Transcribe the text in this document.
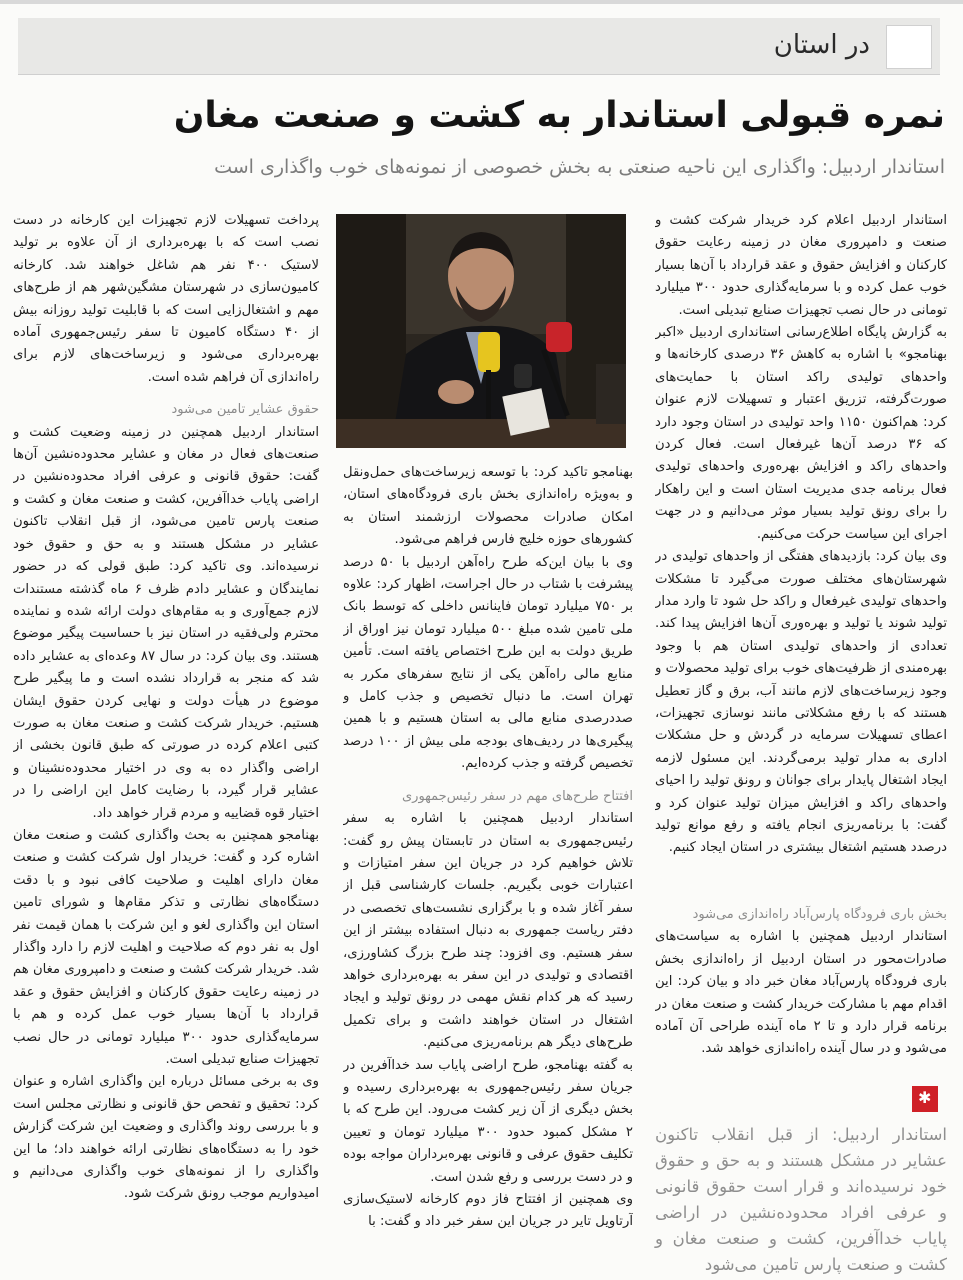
در استان
نمره قبولی استاندار به کشت و صنعت مغان
استاندار اردبیل: واگذاری این ناحیه صنعتی به بخش خصوصی از نمونه‌های خوب واگذاری است

استاندار اردبیل اعلام کرد خریدار شرکت کشت و صنعت و دامپروری مغان در زمینه رعایت حقوق کارکنان و افزایش حقوق و عقد قرارداد با آن‌ها بسیار خوب عمل کرده و با سرمایه‌گذاری حدود ۳۰۰ میلیارد تومانی در حال نصب تجهیزات صنایع تبدیلی است.

به گزارش پایگاه اطلاع‌رسانی استانداری اردبیل «اکبر بهنامجو» با اشاره به کاهش ۳۶ درصدی کارخانه‌ها و واحدهای تولیدی راکد استان با حمایت‌های صورت‌گرفته، تزریق اعتبار و تسهیلات لازم عنوان کرد: هم‌اکنون ۱۱۵۰ واحد تولیدی در استان وجود دارد که ۳۶ درصد آن‌ها غیرفعال است. فعال کردن واحدهای راکد و افزایش بهره‌وری واحدهای تولیدی فعال برنامه جدی مدیریت استان است و این راهکار را برای رونق تولید بسیار موثر می‌دانیم و در جهت اجرای این سیاست حرکت می‌کنیم.

وی بیان کرد: بازدیدهای هفتگی از واحدهای تولیدی در شهرستان‌های مختلف صورت می‌گیرد تا مشکلات واحدهای تولیدی غیرفعال و راکد حل شود تا وارد مدار تولید شوند یا تولید و بهره‌وری آن‌ها افزایش پیدا کند. تعدادی از واحدهای تولیدی استان هم با وجود بهره‌مندی از ظرفیت‌های خوب برای تولید محصولات و وجود زیرساخت‌های لازم مانند آب، برق و گاز تعطیل هستند که با رفع مشکلاتی مانند نوسازی تجهیزات، اعطای تسهیلات سرمایه در گردش و حل مشکلات اداری به مدار تولید برمی‌گردند. این مسئول لازمه ایجاد اشتغال پایدار برای جوانان و رونق تولید را احیای واحدهای راکد و افزایش میزان تولید عنوان کرد و گفت: با برنامه‌ریزی انجام یافته و رفع موانع تولید درصدد هستیم اشتغال بیشتری در استان ایجاد کنیم.

بخش باری فرودگاه پارس‌آباد راه‌اندازی می‌شود

استاندار اردبیل همچنین با اشاره به سیاست‌های صادرات‌محور در استان اردبیل از راه‌اندازی بخش باری فرودگاه پارس‌آباد مغان خبر داد و بیان کرد: این اقدام مهم با مشارکت خریدار کشت و صنعت مغان در برنامه قرار دارد و تا ۲ ماه آینده طراحی آن آماده می‌شود و در سال آینده راه‌اندازی خواهد شد.

✱
استاندار اردبیل: از قبل انقلاب تاکنون عشایر در مشکل هستند و به حق و حقوق خود نرسیده‌اند و قرار است حقوق قانونی و عرفی افراد محدوده‌نشین در اراضی پایاب خداآفرین، کشت و صنعت مغان و کشت و صنعت پارس تامین می‌شود

بهنامجو تاکید کرد: با توسعه زیرساخت‌های حمل‌ونقل و به‌ویژه راه‌اندازی بخش باری فرودگاه‌های استان، امکان صادرات محصولات ارزشمند استان به کشورهای حوزه خلیج فارس فراهم می‌شود.

وی با بیان این‌که طرح راه‌آهن اردبیل با ۵۰ درصد پیشرفت با شتاب در حال اجراست، اظهار کرد: علاوه بر ۷۵۰ میلیارد تومان فاینانس داخلی که توسط بانک ملی تامین شده مبلغ ۵۰۰ میلیارد تومان نیز اوراق از طریق دولت به این طرح اختصاص یافته است. تأمین منابع مالی راه‌آهن یکی از نتایج سفرهای مکرر به تهران است. ما دنبال تخصیص و جذب کامل و صددرصدی منابع مالی به استان هستیم و با همین پیگیری‌ها در ردیف‌های بودجه ملی بیش از ۱۰۰ درصد تخصیص گرفته و جذب کرده‌ایم.

افتتاح طرح‌های مهم در سفر رئیس‌جمهوری

استاندار اردبیل همچنین با اشاره به سفر رئیس‌جمهوری به استان در تابستان پیش رو گفت: تلاش خواهیم کرد در جریان این سفر امتیازات و اعتبارات خوبی بگیریم. جلسات کارشناسی قبل از سفر آغاز شده و با برگزاری نشست‌های تخصصی در دفتر ریاست جمهوری به دنبال استفاده بیشتر از این سفر هستیم. وی افزود: چند طرح بزرگ کشاورزی، اقتصادی و تولیدی در این سفر به بهره‌برداری خواهد رسید که هر کدام نقش مهمی در رونق تولید و ایجاد اشتغال در استان خواهند داشت و برای تکمیل طرح‌های دیگر هم برنامه‌ریزی می‌کنیم.

به گفته بهنامجو، طرح اراضی پایاب سد خداآفرین در جریان سفر رئیس‌جمهوری به بهره‌برداری رسیده و بخش دیگری از آن زیر کشت می‌رود. این طرح که با ۲ مشکل کمبود حدود ۳۰۰ میلیارد تومان و تعیین تکلیف حقوق عرفی و قانونی بهره‌برداران مواجه بوده و در دست بررسی و رفع شدن است.

وی همچنین از افتتاح فاز دوم کارخانه لاستیک‌سازی آرتاویل تایر در جریان این سفر خبر داد و گفت: با

پرداخت تسهیلات لازم تجهیزات این کارخانه در دست نصب است که با بهره‌برداری از آن علاوه بر تولید لاستیک ۴۰۰ نفر هم شاغل خواهند شد. کارخانه کامیون‌سازی در شهرستان مشگین‌شهر هم از طرح‌های مهم و اشتغال‌زایی است که با قابلیت تولید روزانه بیش از ۴۰ دستگاه کامیون تا سفر رئیس‌جمهوری آماده بهره‌برداری می‌شود و زیرساخت‌های لازم برای راه‌اندازی آن فراهم شده است.

حقوق عشایر تامین می‌شود

استاندار اردبیل همچنین در زمینه وضعیت کشت و صنعت‌های فعال در مغان و عشایر محدوده‌نشین آن‌ها گفت: حقوق قانونی و عرفی افراد محدوده‌نشین در اراضی پایاب خداآفرین، کشت و صنعت مغان و کشت و صنعت پارس تامین می‌شود، از قبل انقلاب تاکنون عشایر در مشکل هستند و به حق و حقوق خود نرسیده‌اند. وی تاکید کرد: طبق قولی که در حضور نمایندگان و عشایر دادم ظرف ۶ ماه گذشته مستندات لازم جمع‌آوری و به مقام‌های دولت ارائه شده و نماینده محترم ولی‌فقیه در استان نیز با حساسیت پیگیر موضوع هستند. وی بیان کرد: در سال ۸۷ وعده‌ای به عشایر داده شد که منجر به قرارداد نشده است و ما پیگیر طرح موضوع در هیأت دولت و نهایی کردن حقوق ایشان هستیم. خریدار شرکت کشت و صنعت مغان به صورت کتبی اعلام کرده در صورتی که طبق قانون بخشی از اراضی واگذار ده به وی در اختیار محدوده‌نشینان و عشایر قرار گیرد، با رضایت کامل این اراضی را در اختیار قوه قضاییه و مردم قرار خواهد داد.

بهنامجو همچنین به بحث واگذاری کشت و صنعت مغان اشاره کرد و گفت: خریدار اول شرکت کشت و صنعت مغان دارای اهلیت و صلاحیت کافی نبود و با دقت دستگاه‌های نظارتی و تذکر مقام‌ها و شورای تامین استان این واگذاری لغو و این شرکت با همان قیمت نفر اول به نفر دوم که صلاحیت و اهلیت لازم را دارد واگذار شد. خریدار شرکت کشت و صنعت و دامپروری مغان هم در زمینه رعایت حقوق کارکنان و افزایش حقوق و عقد قرارداد با آن‌ها بسیار خوب عمل کرده و هم با سرمایه‌گذاری حدود ۳۰۰ میلیارد تومانی در حال نصب تجهیزات صنایع تبدیلی است.

وی به برخی مسائل درباره این واگذاری اشاره و عنوان کرد: تحقیق و تفحص حق قانونی و نظارتی مجلس است و با بررسی روند واگذاری و وضعیت این شرکت گزارش خود را به دستگاه‌های نظارتی ارائه خواهند داد؛ ما این واگذاری را از نمونه‌های خوب واگذاری می‌دانیم و امیدواریم موجب رونق شرکت شود.
